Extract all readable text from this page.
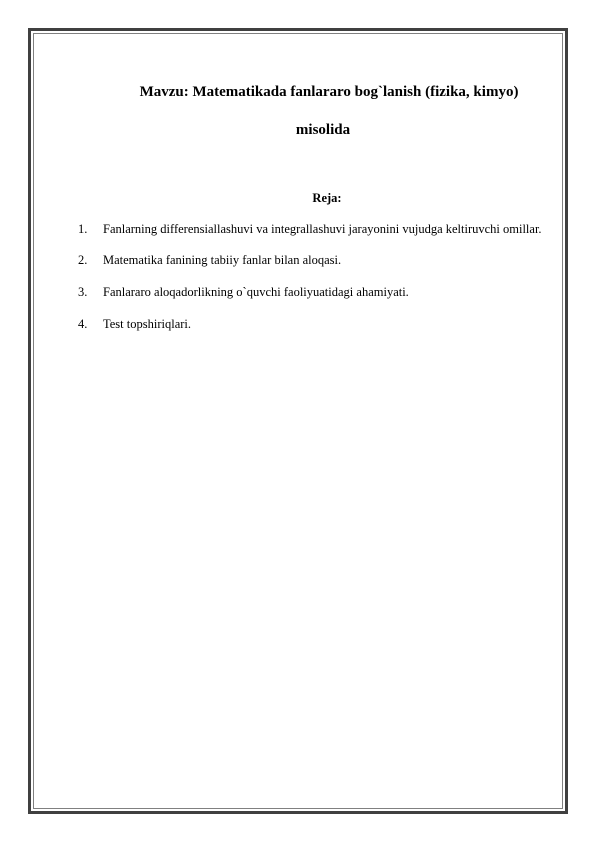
Mavzu: Matematikada fanlararo bog`lanish (fizika, kimyo)
misolida
Reja:
1. Fanlarning differensiallashuvi va integrallashuvi jarayonini vujudga keltiruvchi omillar.
2. Matematika fanining tabiiy fanlar bilan aloqasi.
3. Fanlararo aloqadorlikning o`quvchi faoliyuatidagi ahamiyati.
4. Test topshiriqlari.
